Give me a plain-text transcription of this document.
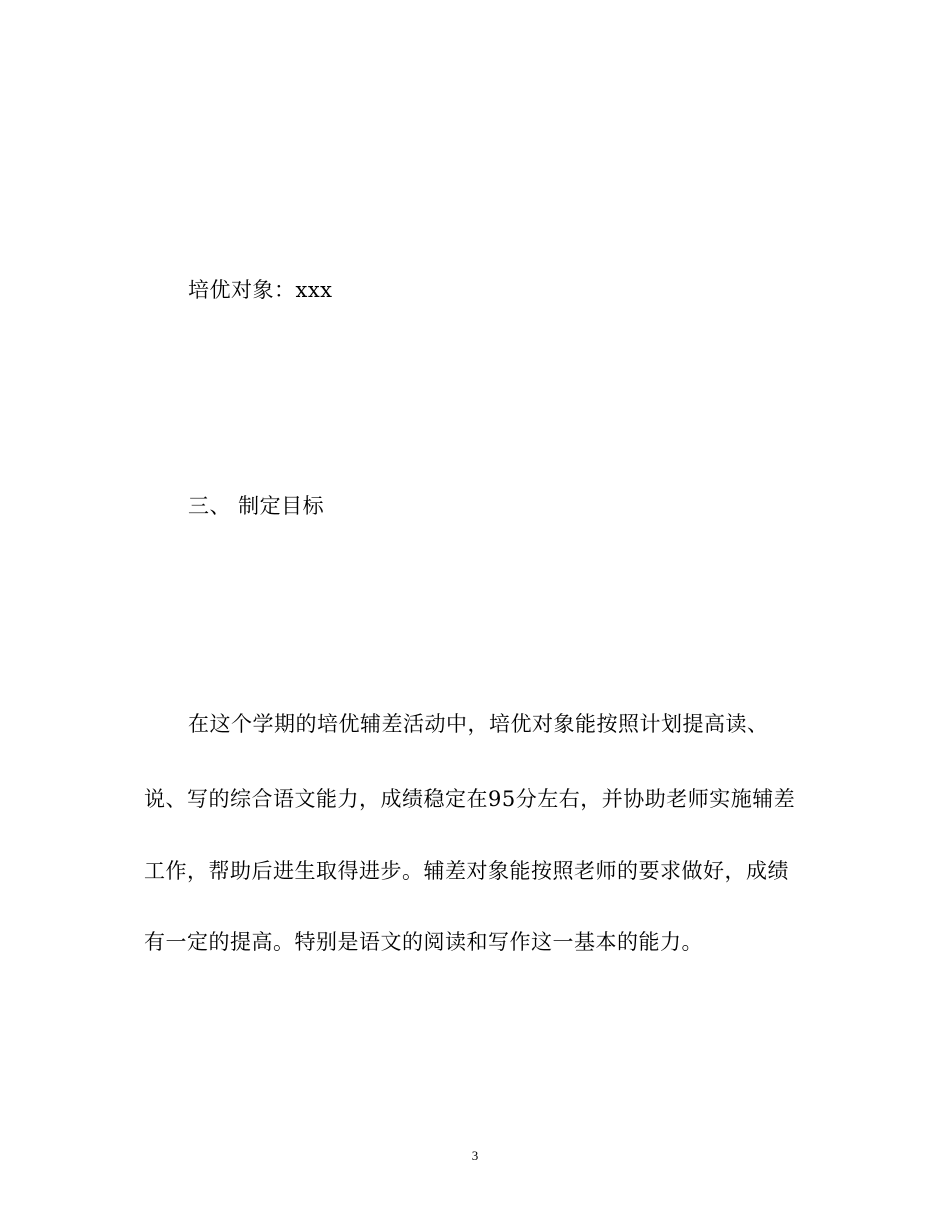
培优对象：xxx
三、 制定目标
在这个学期的培优辅差活动中，培优对象能按照计划提高读、
说、写的综合语文能力，成绩稳定在95分左右，并协助老师实施辅差
工作，帮助后进生取得进步。辅差对象能按照老师的要求做好，成绩
有一定的提高。特别是语文的阅读和写作这一基本的能力。
3
